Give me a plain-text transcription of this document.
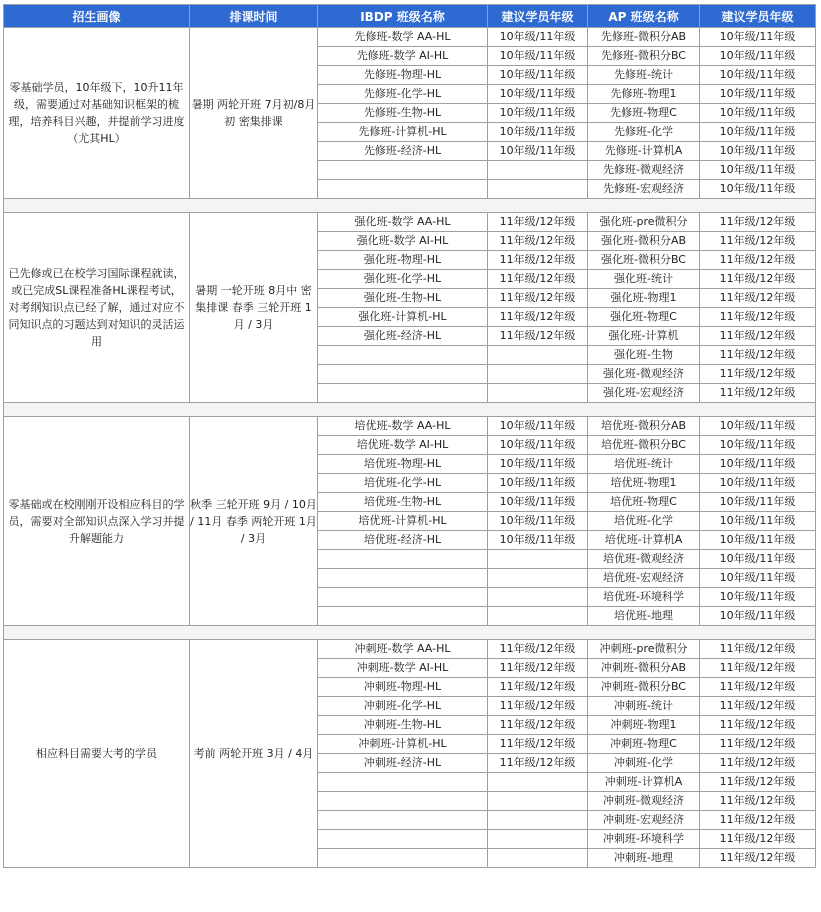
招生画像	排课时间	IBDP 班级名称	建议学员年级	AP 班级名称	建议学员年级
零基础学员，10年级下，10升11年级，需要通过对基础知识框架的梳理，培养科目兴趣，并提前学习进度（尤其HL）	暑期 两轮开班 7月初/8月初 密集排课	先修班-数学 AA-HL	10年级/11年级	先修班-微积分AB	10年级/11年级
		先修班-数学 AI-HL	10年级/11年级	先修班-微积分BC	10年级/11年级
		先修班-物理-HL	10年级/11年级	先修班-统计	10年级/11年级
		先修班-化学-HL	10年级/11年级	先修班-物理1	10年级/11年级
		先修班-生物-HL	10年级/11年级	先修班-物理C	10年级/11年级
		先修班-计算机-HL	10年级/11年级	先修班-化学	10年级/11年级
		先修班-经济-HL	10年级/11年级	先修班-计算机A	10年级/11年级
				先修班-微观经济	10年级/11年级
				先修班-宏观经济	10年级/11年级

已先修或已在校学习国际课程就读，或已完成SL课程准备HL课程考试，对考纲知识点已经了解，通过对应不同知识点的习题达到对知识的灵活运用	暑期 一轮开班 8月中 密集排课 春季 三轮开班 1月 / 3月	强化班-数学 AA-HL	11年级/12年级	强化班-pre微积分	11年级/12年级
		强化班-数学 AI-HL	11年级/12年级	强化班-微积分AB	11年级/12年级
		强化班-物理-HL	11年级/12年级	强化班-微积分BC	11年级/12年级
		强化班-化学-HL	11年级/12年级	强化班-统计	11年级/12年级
		强化班-生物-HL	11年级/12年级	强化班-物理1	11年级/12年级
		强化班-计算机-HL	11年级/12年级	强化班-物理C	11年级/12年级
		强化班-经济-HL	11年级/12年级	强化班-计算机	11年级/12年级
				强化班-生物	11年级/12年级
				强化班-微观经济	11年级/12年级
				强化班-宏观经济	11年级/12年级

零基础或在校刚刚开设相应科目的学员，需要对全部知识点深入学习并提升解题能力	秋季 三轮开班 9月 / 10月 / 11月 春季 两轮开班 1月 / 3月	培优班-数学 AA-HL	10年级/11年级	培优班-微积分AB	10年级/11年级
		培优班-数学 AI-HL	10年级/11年级	培优班-微积分BC	10年级/11年级
		培优班-物理-HL	10年级/11年级	培优班-统计	10年级/11年级
		培优班-化学-HL	10年级/11年级	培优班-物理1	10年级/11年级
		培优班-生物-HL	10年级/11年级	培优班-物理C	10年级/11年级
		培优班-计算机-HL	10年级/11年级	培优班-化学	10年级/11年级
		培优班-经济-HL	10年级/11年级	培优班-计算机A	10年级/11年级
				培优班-微观经济	10年级/11年级
				培优班-宏观经济	10年级/11年级
				培优班-环境科学	10年级/11年级
				培优班-地理	10年级/11年级

相应科目需要大考的学员	考前 两轮开班 3月 / 4月	冲刺班-数学 AA-HL	11年级/12年级	冲刺班-pre微积分	11年级/12年级
		冲刺班-数学 AI-HL	11年级/12年级	冲刺班-微积分AB	11年级/12年级
		冲刺班-物理-HL	11年级/12年级	冲刺班-微积分BC	11年级/12年级
		冲刺班-化学-HL	11年级/12年级	冲刺班-统计	11年级/12年级
		冲刺班-生物-HL	11年级/12年级	冲刺班-物理1	11年级/12年级
		冲刺班-计算机-HL	11年级/12年级	冲刺班-物理C	11年级/12年级
		冲刺班-经济-HL	11年级/12年级	冲刺班-化学	11年级/12年级
				冲刺班-计算机A	11年级/12年级
				冲刺班-微观经济	11年级/12年级
				冲刺班-宏观经济	11年级/12年级
				冲刺班-环境科学	11年级/12年级
				冲刺班-地理	11年级/12年级
